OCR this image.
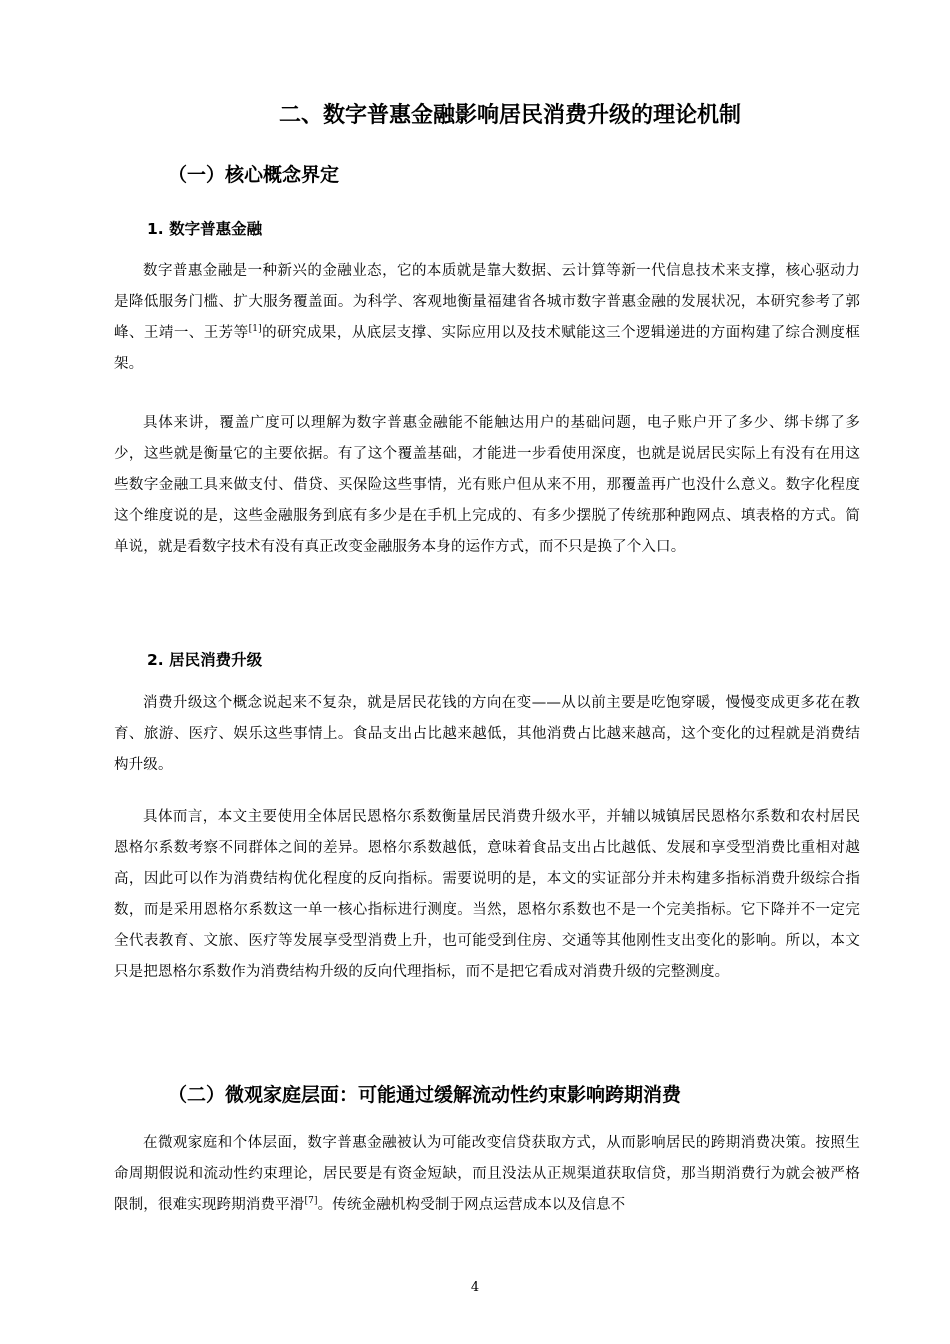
二、数字普惠金融影响居民消费升级的理论机制
（一）核心概念界定
1. 数字普惠金融

数字普惠金融是一种新兴的金融业态，它的本质就是靠大数据、云计算等新一代信息技术来支撑，核心驱动力是降低服务门槛、扩大服务覆盖面。为科学、客观地衡量福建省各城市数字普惠金融的发展状况，本研究参考了郭峰、王靖一、王芳等[1]的研究成果，从底层支撑、实际应用以及技术赋能这三个逻辑递进的方面构建了综合测度框架。

具体来讲，覆盖广度可以理解为数字普惠金融能不能触达用户的基础问题，电子账户开了多少、绑卡绑了多少，这些就是衡量它的主要依据。有了这个覆盖基础，才能进一步看使用深度，也就是说居民实际上有没有在用这些数字金融工具来做支付、借贷、买保险这些事情，光有账户但从来不用，那覆盖再广也没什么意义。数字化程度这个维度说的是，这些金融服务到底有多少是在手机上完成的、有多少摆脱了传统那种跑网点、填表格的方式。简单说，就是看数字技术有没有真正改变金融服务本身的运作方式，而不只是换了个入口。

2. 居民消费升级

消费升级这个概念说起来不复杂，就是居民花钱的方向在变——从以前主要是吃饱穿暖，慢慢变成更多花在教育、旅游、医疗、娱乐这些事情上。食品支出占比越来越低，其他消费占比越来越高，这个变化的过程就是消费结构升级。

具体而言，本文主要使用全体居民恩格尔系数衡量居民消费升级水平，并辅以城镇居民恩格尔系数和农村居民恩格尔系数考察不同群体之间的差异。恩格尔系数越低，意味着食品支出占比越低、发展和享受型消费比重相对越高，因此可以作为消费结构优化程度的反向指标。需要说明的是，本文的实证部分并未构建多指标消费升级综合指数，而是采用恩格尔系数这一单一核心指标进行测度。当然，恩格尔系数也不是一个完美指标。它下降并不一定完全代表教育、文旅、医疗等发展享受型消费上升，也可能受到住房、交通等其他刚性支出变化的影响。所以，本文只是把恩格尔系数作为消费结构升级的反向代理指标，而不是把它看成对消费升级的完整测度。

（二）微观家庭层面：可能通过缓解流动性约束影响跨期消费

在微观家庭和个体层面，数字普惠金融被认为可能改变信贷获取方式，从而影响居民的跨期消费决策。按照生命周期假说和流动性约束理论，居民要是有资金短缺，而且没法从正规渠道获取信贷，那当期消费行为就会被严格限制，很难实现跨期消费平滑[7]。传统金融机构受制于网点运营成本以及信息不

4
